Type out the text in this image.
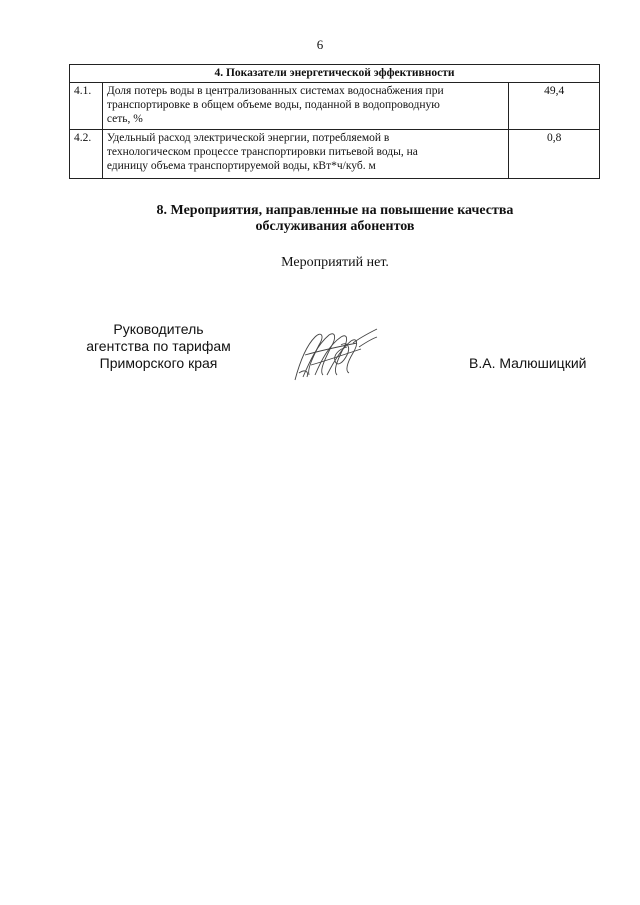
6
4. Показатели энергетической эффективности		
4.1.	Доля потерь воды в централизованных системах водоснабжения при
транспортировке в общем объеме воды, поданной в водопроводную
сеть, %	49,4
4.2.	Удельный расход электрической энергии, потребляемой в
технологическом процессе транспортировки питьевой воды, на
единицу объема транспортируемой воды, кВт*ч/куб. м	0,8
8. Мероприятия, направленные на повышение качества
обслуживания абонентов
Мероприятий нет.
Руководитель
агентства по тарифам
Приморского края	В.А. Малюшицкий
